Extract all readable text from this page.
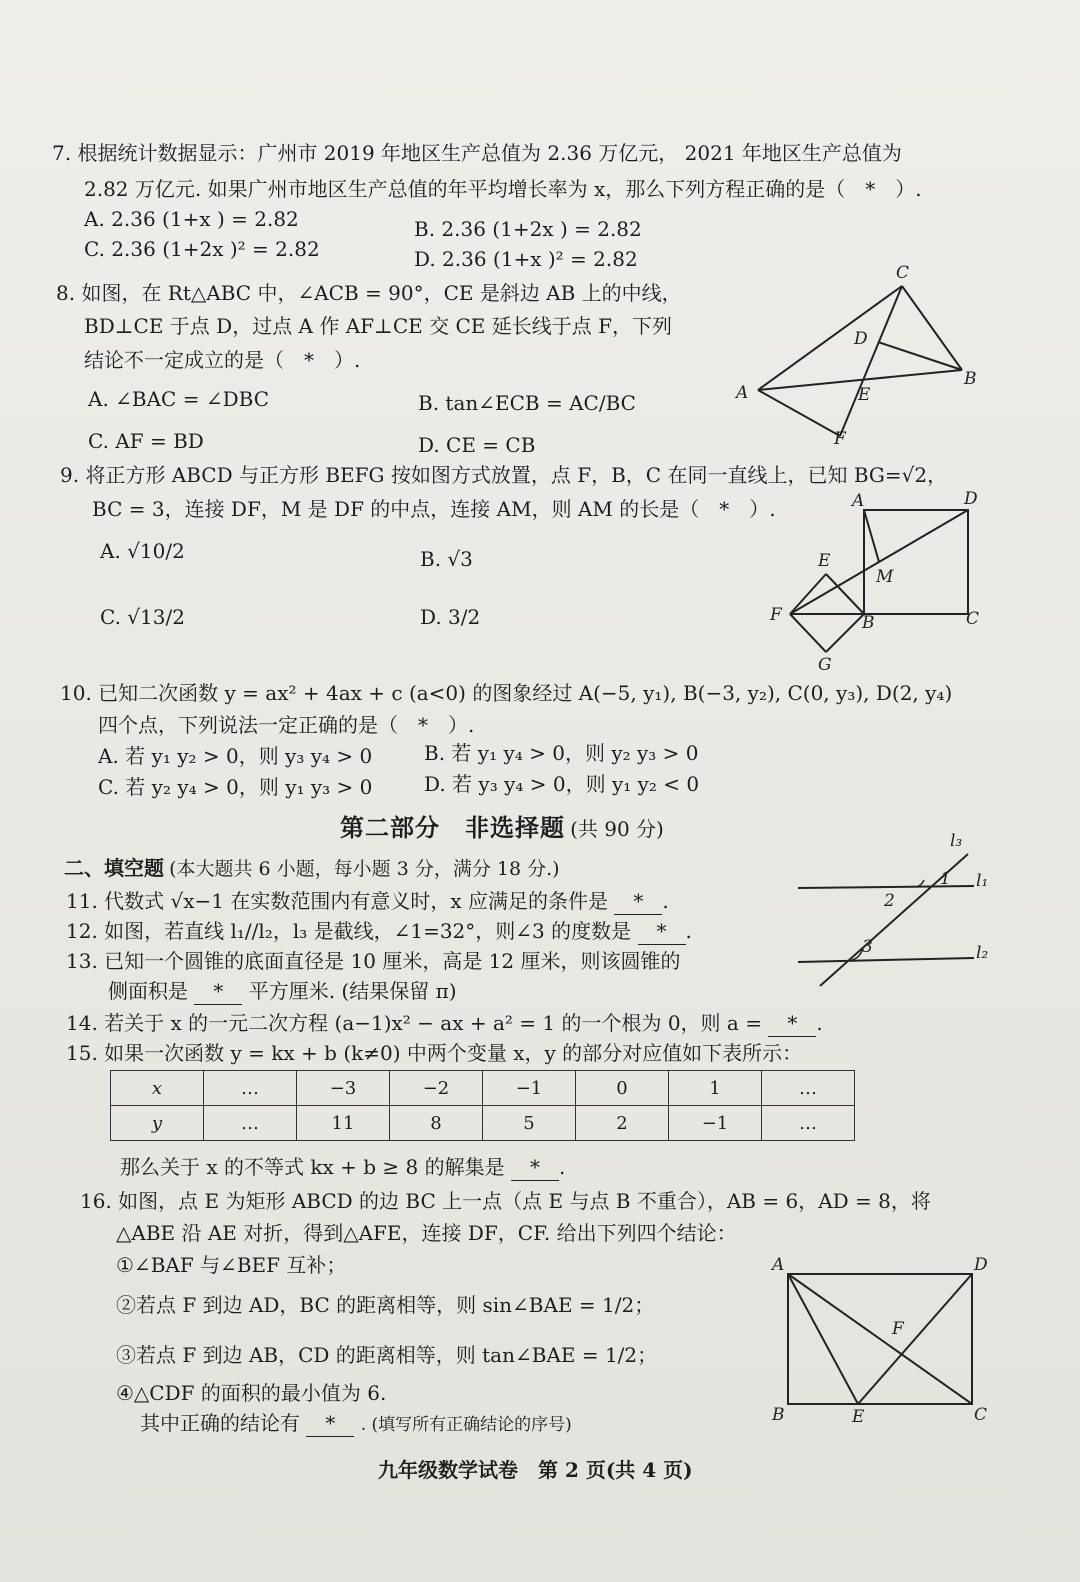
7. 根据统计数据显示：广州市 2019 年地区生产总值为 2.36 万亿元， 2021 年地区生产总值为
2.82 万亿元. 如果广州市地区生产总值的年平均增长率为 x，那么下列方程正确的是（　*　）.
A. 2.36 (1+x ) = 2.82	B. 2.36 (1+2x ) = 2.82
C. 2.36 (1+2x )² = 2.82	D. 2.36 (1+x )² = 2.82
8. 如图，在 Rt△ABC 中，∠ACB = 90°，CE 是斜边 AB 上的中线，
BD⊥CE 于点 D，过点 A 作 AF⊥CE 交 CE 延长线于点 F，下列
结论不一定成立的是（　*　）.
A. ∠BAC = ∠DBC	B. tan∠ECB = AC/BC
C. AF = BD	D. CE = CB
C
D
A	E
B
F
9. 将正方形 ABCD 与正方形 BEFG 按如图方式放置，点 F，B，C 在同一直线上，已知 BG=√2，
BC = 3，连接 DF，M 是 DF 的中点，连接 AM，则 AM 的长是（　*　）.
A. √10/2	B. √3
C. √13/2	D. 3/2
A	D
E
M
F	B	C
G
10. 已知二次函数 y = ax² + 4ax + c (a<0) 的图象经过 A(−5, y₁), B(−3, y₂), C(0, y₃), D(2, y₄)
四个点，下列说法一定正确的是（　*　）.
A. 若 y₁ y₂ > 0，则 y₃ y₄ > 0	B. 若 y₁ y₄ > 0，则 y₂ y₃ > 0
C. 若 y₂ y₄ > 0，则 y₁ y₃ > 0	D. 若 y₃ y₄ > 0，则 y₁ y₂ < 0
第二部分　非选择题 (共 90 分)
二、填空题 (本大题共 6 小题，每小题 3 分，满分 18 分.)
11. 代数式 √x−1 在实数范围内有意义时，x 应满足的条件是 * .
12. 如图，若直线 l₁//l₂，l₃ 是截线，∠1=32°，则∠3 的度数是 * .
l₃
1 l₁
2
3	l₂
13. 已知一个圆锥的底面直径是 10 厘米，高是 12 厘米，则该圆锥的
侧面积是 * 平方厘米. (结果保留 π)
14. 若关于 x 的一元二次方程 (a−1)x² − ax + a² = 1 的一个根为 0，则 a = * .
15. 如果一次函数 y = kx + b (k≠0) 中两个变量 x，y 的部分对应值如下表所示：
x	…	−3	−2	−1	0	1	…
y	…	11	8	5	2	−1	…
那么关于 x 的不等式 kx + b ≥ 8 的解集是 * .
16. 如图，点 E 为矩形 ABCD 的边 BC 上一点（点 E 与点 B 不重合），AB = 6，AD = 8，将
△ABE 沿 AE 对折，得到△AFE，连接 DF，CF. 给出下列四个结论：
①∠BAF 与∠BEF 互补；
②若点 F 到边 AD，BC 的距离相等，则 sin∠BAE = 1/2；
③若点 F 到边 AB，CD 的距离相等，则 tan∠BAE = 1/2；
④△CDF 的面积的最小值为 6.
其中正确的结论有 * . (填写所有正确结论的序号)
A	D
F
B	E	C
九年级数学试卷　第 2 页(共 4 页)
